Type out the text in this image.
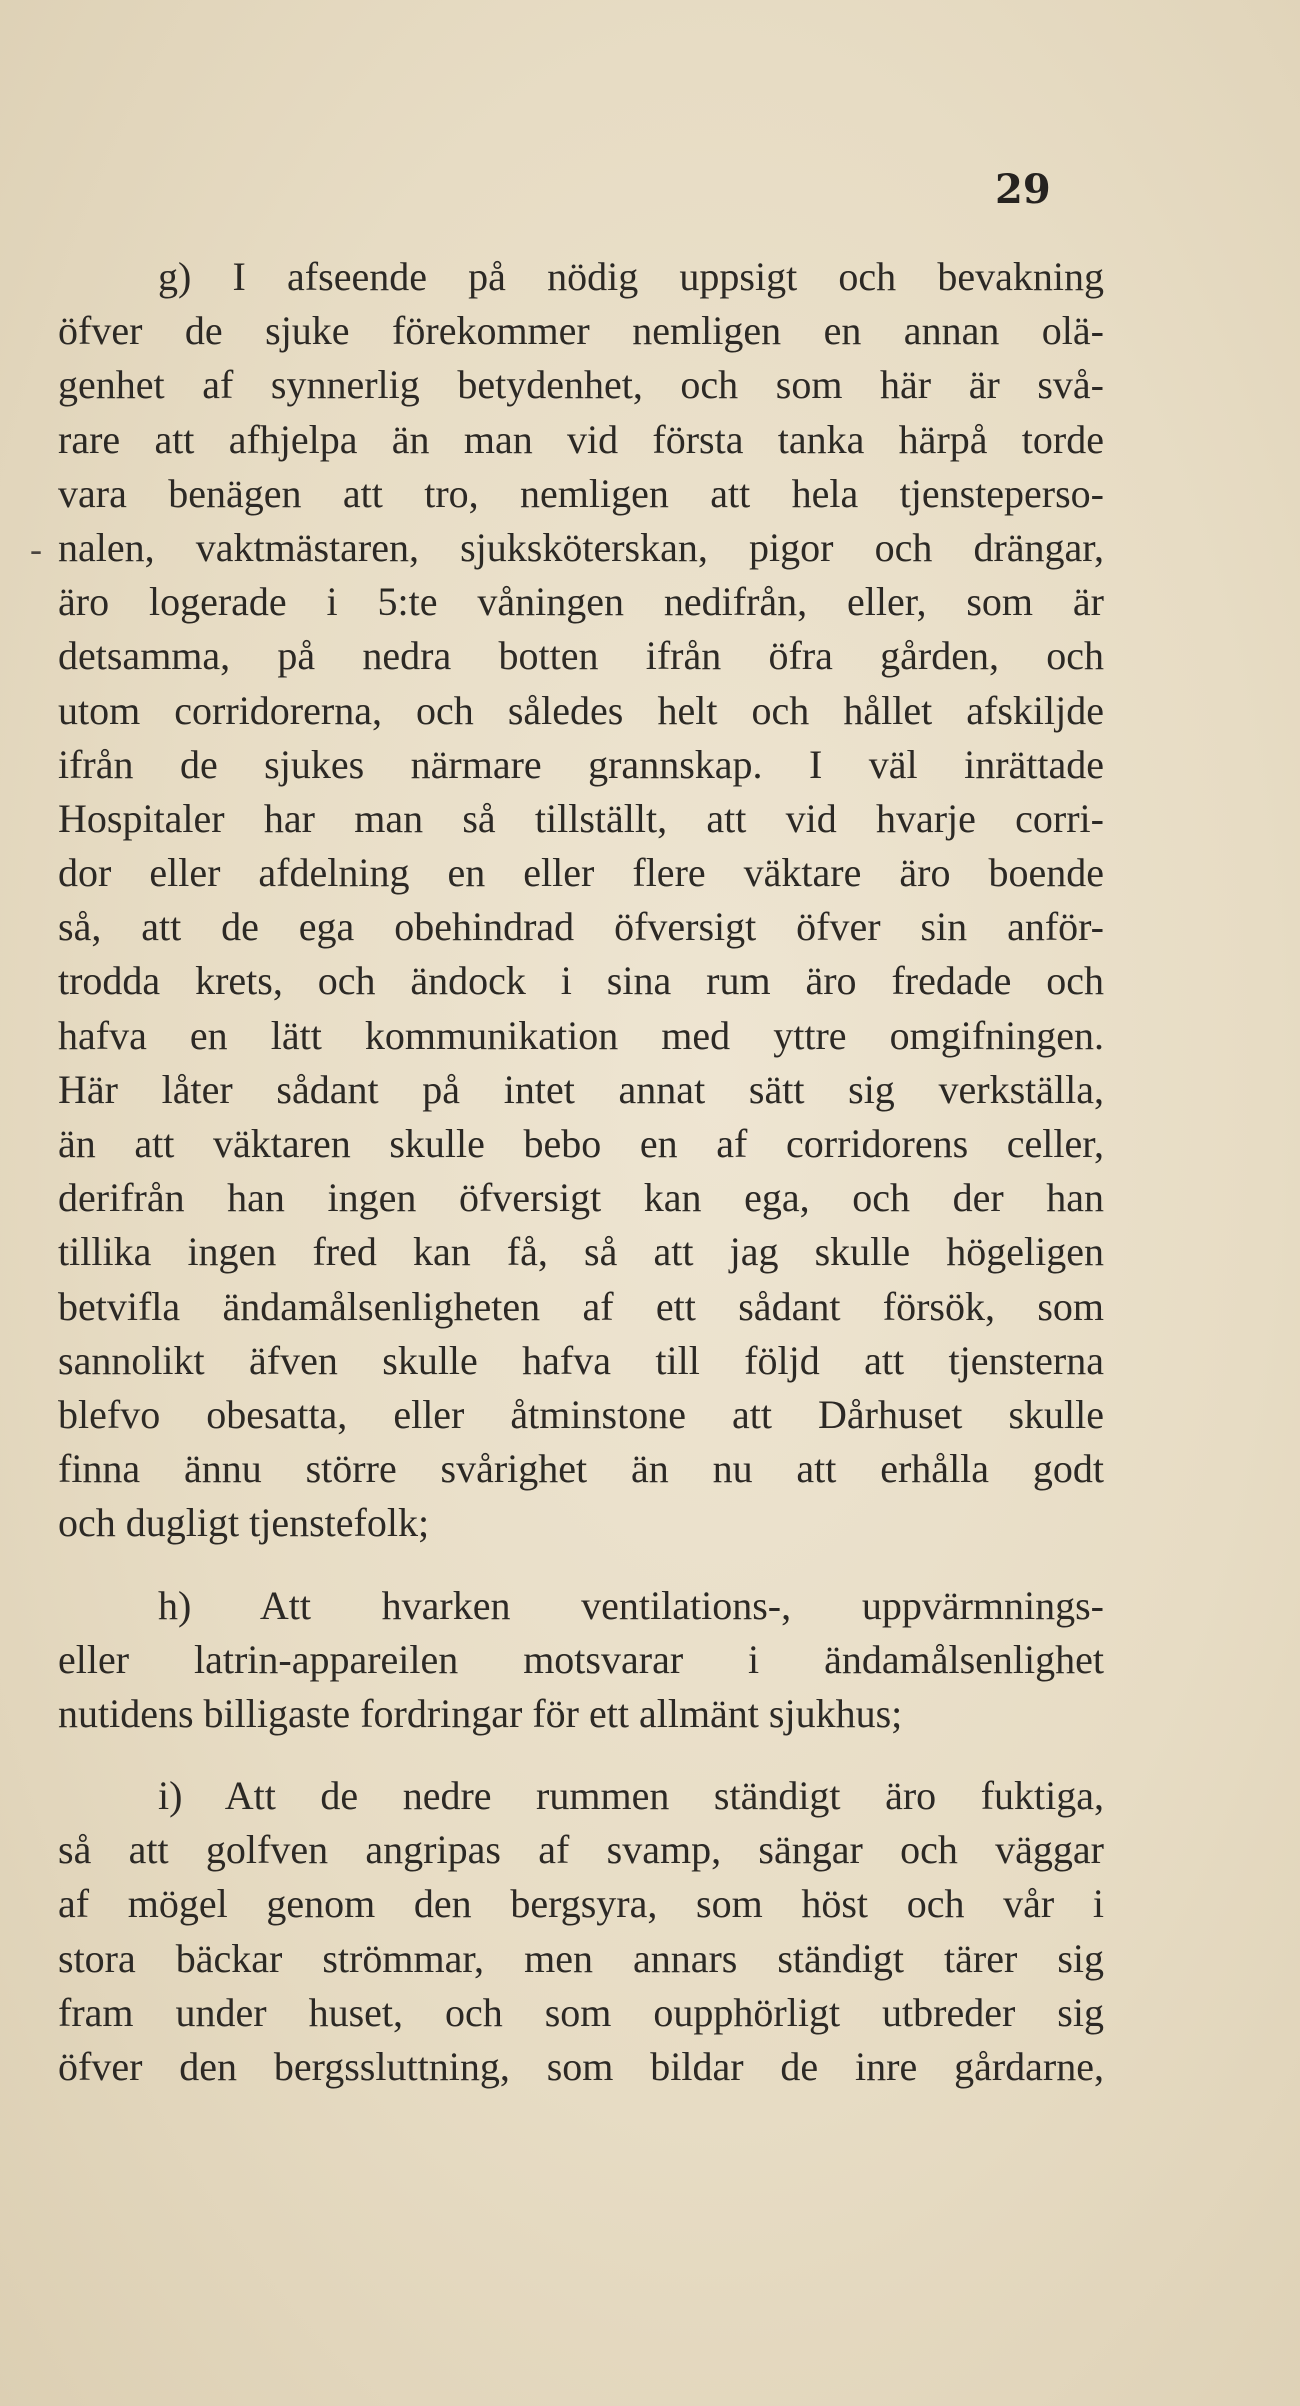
29
-
g) I afseende på nödig uppsigt och bevakning
öfver de sjuke förekommer nemligen en annan olä-
genhet af synnerlig betydenhet, och som här är svå-
rare att afhjelpa än man vid första tanka härpå torde
vara benägen att tro, nemligen att hela tjensteperso-
nalen, vaktmästaren, sjuksköterskan, pigor och drängar,
äro logerade i 5:te våningen nedifrån, eller, som är
detsamma, på nedra botten ifrån öfra gården, och
utom corridorerna, och således helt och hållet afskiljde
ifrån de sjukes närmare grannskap. I väl inrättade
Hospitaler har man så tillställt, att vid hvarje corri-
dor eller afdelning en eller flere väktare äro boende
så, att de ega obehindrad öfversigt öfver sin anför-
trodda krets, och ändock i sina rum äro fredade och
hafva en lätt kommunikation med yttre omgifningen.
Här låter sådant på intet annat sätt sig verkställa,
än att väktaren skulle bebo en af corridorens celler,
derifrån han ingen öfversigt kan ega, och der han
tillika ingen fred kan få, så att jag skulle högeligen
betvifla ändamålsenligheten af ett sådant försök, som
sannolikt äfven skulle hafva till följd att tjensterna
blefvo obesatta, eller åtminstone att Dårhuset skulle
finna ännu större svårighet än nu att erhålla godt
och dugligt tjenstefolk;
h) Att hvarken ventilations-, uppvärmnings-
eller latrin-appareilen motsvarar i ändamålsenlighet
nutidens billigaste fordringar för ett allmänt sjukhus;
i) Att de nedre rummen ständigt äro fuktiga,
så att golfven angripas af svamp, sängar och väggar
af mögel genom den bergsyra, som höst och vår i
stora bäckar strömmar, men annars ständigt tärer sig
fram under huset, och som oupphörligt utbreder sig
öfver den bergssluttning, som bildar de inre gårdarne,
